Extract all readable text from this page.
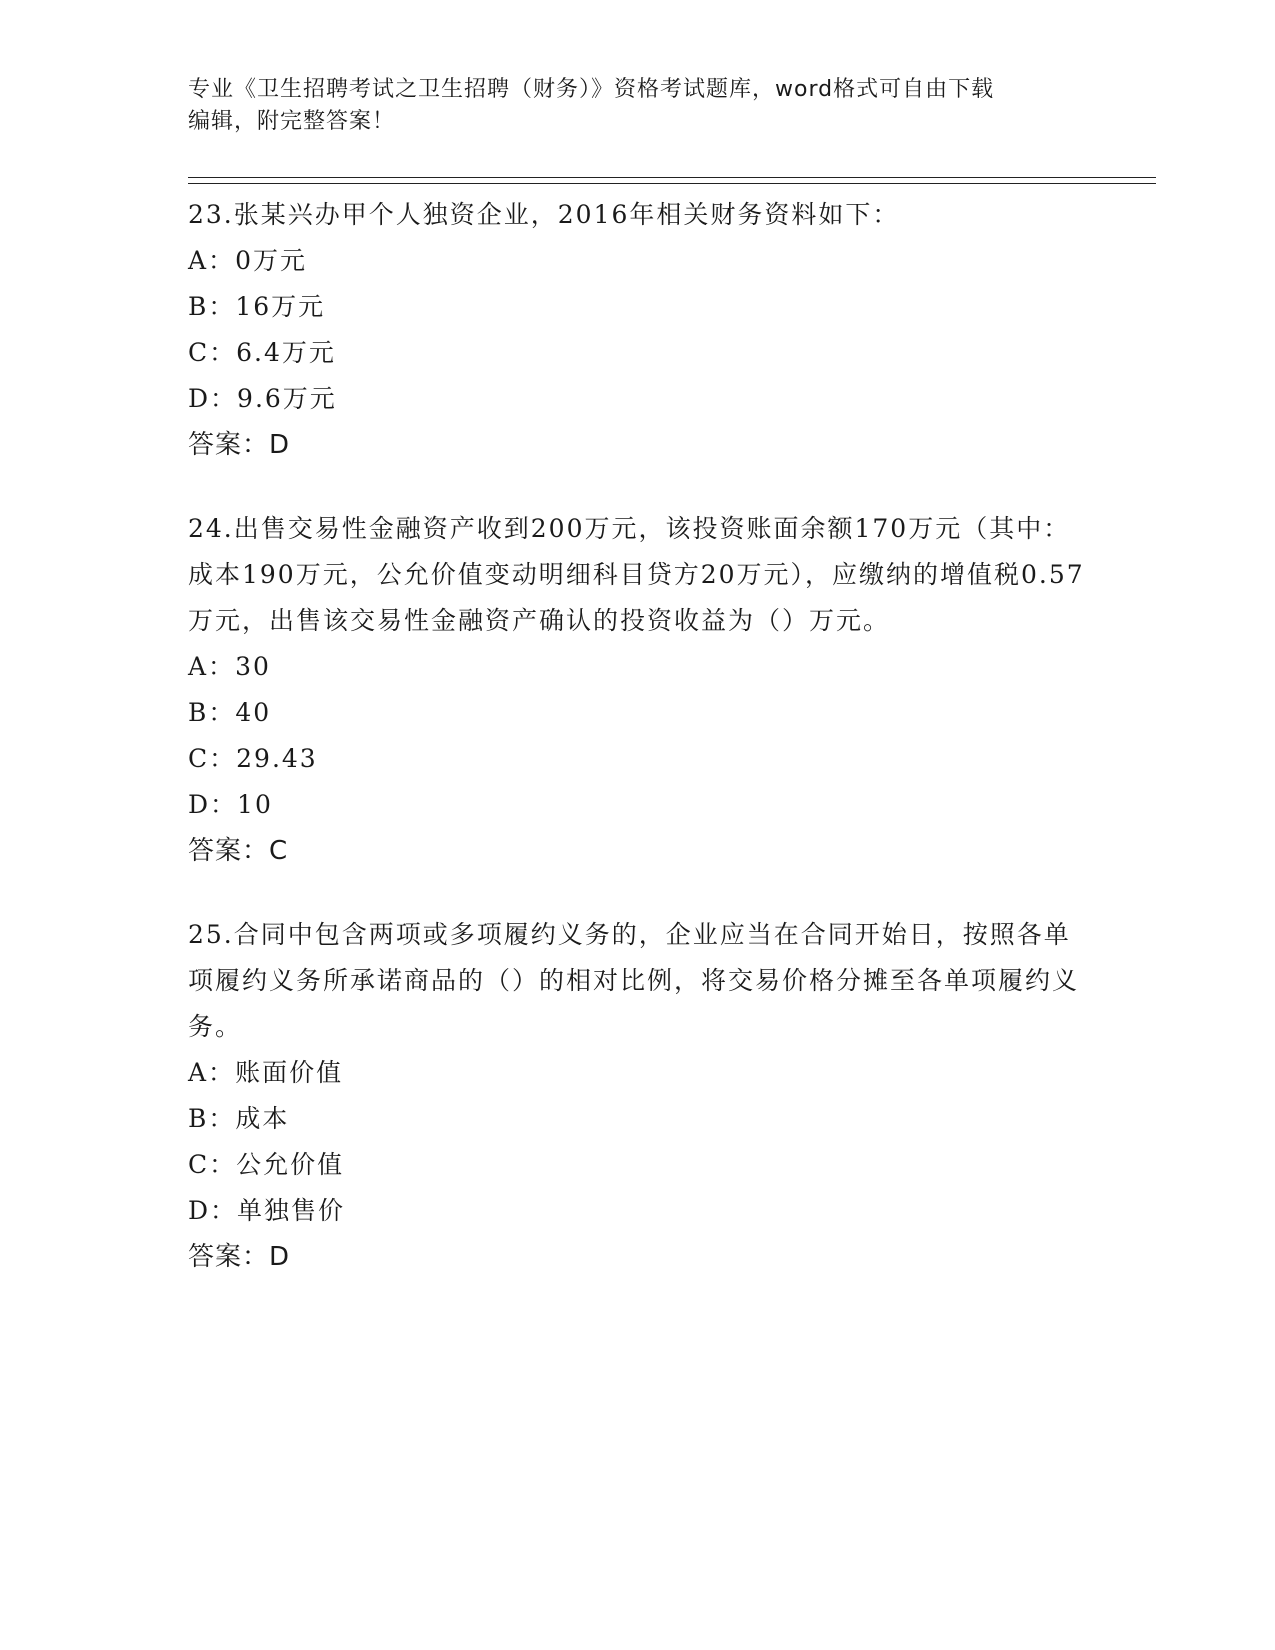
专业《卫生招聘考试之卫生招聘（财务）》资格考试题库，word格式可自由下载
编辑，附完整答案！

23.张某兴办甲个人独资企业，2016年相关财务资料如下：

A： 0万元

B： 16万元

C： 6.4万元

D： 9.6万元

答案：D

24.出售交易性金融资产收到200万元，该投资账面余额170万元（其中：成本190万元，公允价值变动明细科目贷方20万元），应缴纳的增值税0.57万元，出售该交易性金融资产确认的投资收益为（）万元。

A： 30

B： 40

C： 29.43

D： 10

答案：C

25.合同中包含两项或多项履约义务的，企业应当在合同开始日，按照各单项履约义务所承诺商品的（）的相对比例，将交易价格分摊至各单项履约义务。

A： 账面价值

B： 成本

C： 公允价值

D： 单独售价

答案：D
